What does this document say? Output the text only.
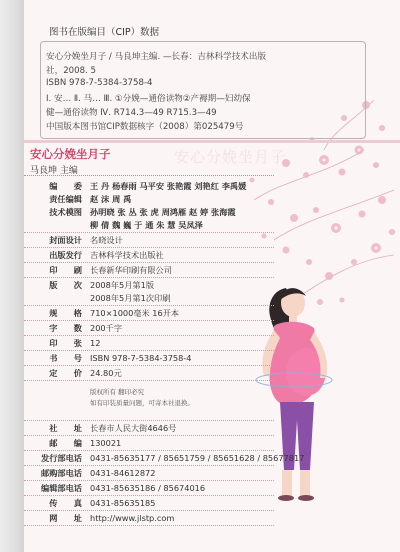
图书在版编目（CIP）数据
安心分娩坐月子 / 马良坤主编. —长春：吉林科学技术出版
社，2008. 5
ISBN 978-7-5384-3758-4
Ⅰ. 安… Ⅱ. 马… Ⅲ. ①分娩—通俗读物②产褥期—妇幼保
健—通俗读物 Ⅳ. R714.3—49 R715.3—49
中国版本图书馆CIP数据核字（2008）第025479号
安心分娩坐月子
安心分娩坐月子
马良坤 主编
编　　委 王 丹 杨春雨 马平安 张艳霞 刘艳红 李禹媛
责任编辑 赵 沫 周 禹
技术模图 孙明晓 张 丛 张 虎 周鸿雁 赵 婷 张海霞
柳 倩 魏 巍 于 通 朱 慧 吴凤泽
封面设计 名晓设计
出版发行 吉林科学技术出版社
印　　刷 长春新华印刷有限公司
版　　次 2008年5月第1版
2008年5月第1次印刷
规　　格 710×1000毫米 16开本
字　　数 200千字
印　　张 12
书　　号 ISBN 978-7-5384-3758-4
定　　价 24.80元
版权所有 翻印必究
如有印装质量问题，可寄本社退换。
社　　址 长春市人民大街4646号
邮　　编 130021
发行部电话 0431-85635177 / 85651759 / 85651628 / 85677817
邮购部电话 0431-84612872
编辑部电话 0431-85635186 / 85674016
传　　真 0431-85635185
网　　址 http://www.jlstp.com
